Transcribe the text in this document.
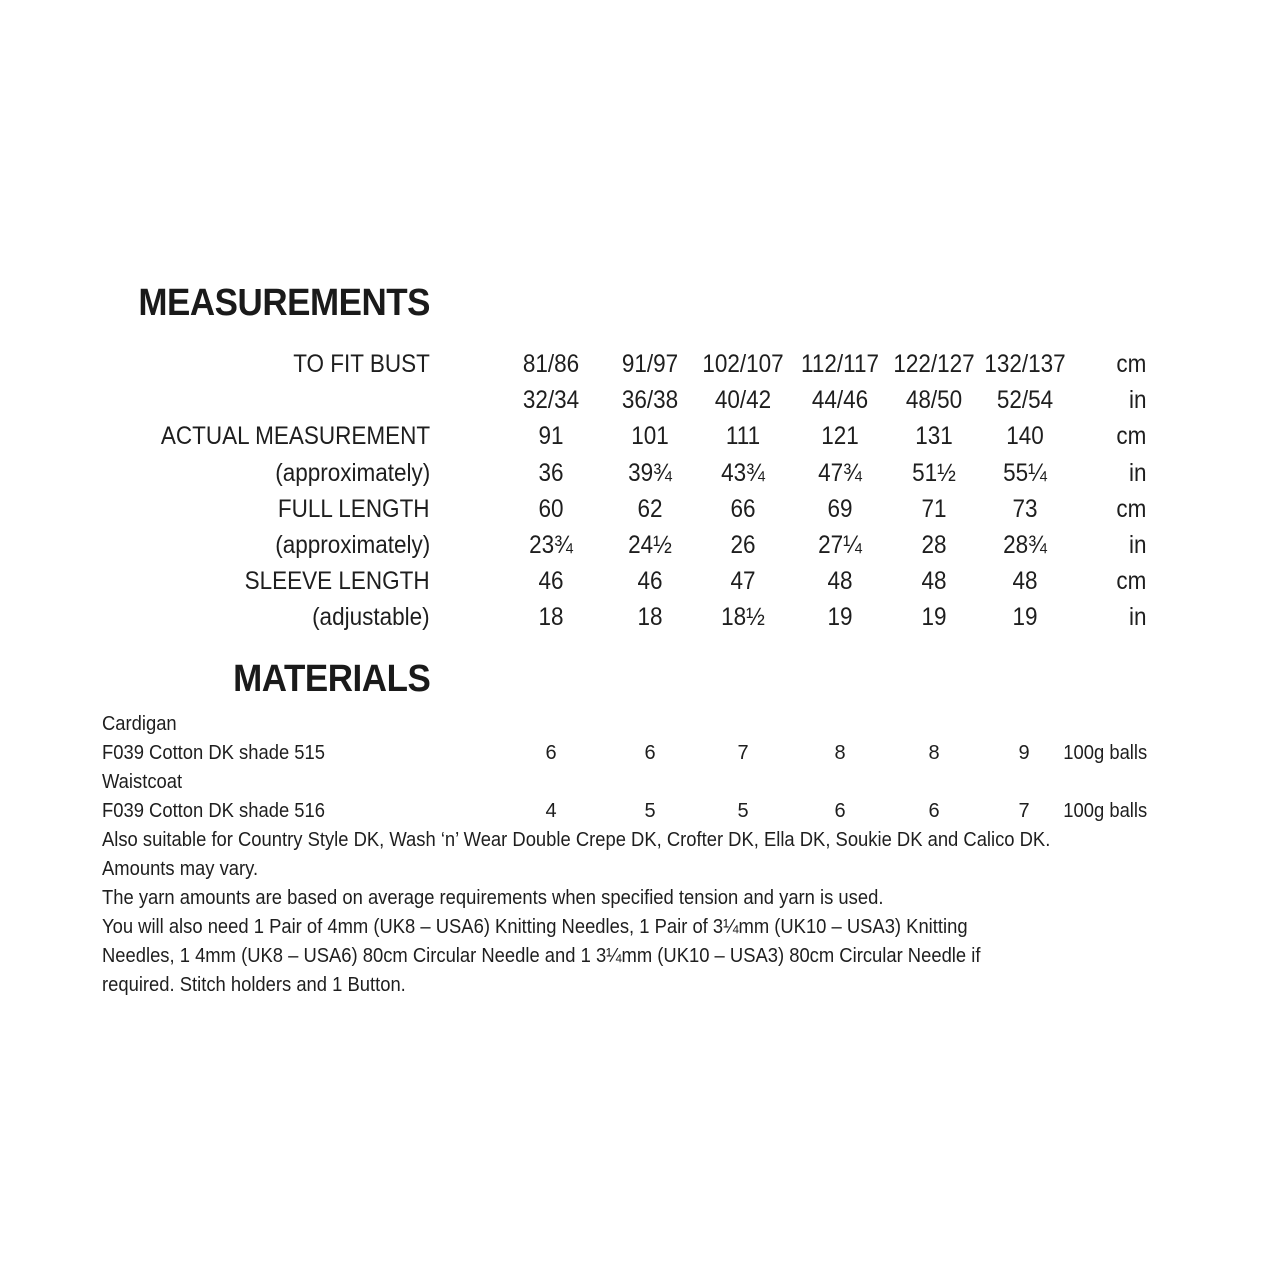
MEASUREMENTS
TO FIT BUST	81/86	91/97 102/107 112/117 122/127 132/137	cm
32/34	36/38	40/42	44/46	48/50	52/54	in
ACTUAL MEASUREMENT	91	101	111	121	131	140	cm
(approximately)	36	39¾	43¾	47¾	51½	55¼	in
FULL LENGTH	60	62	66	69	71	73	cm
(approximately)	23¾	24½	26	27¼	28	28¾	in
SLEEVE LENGTH	46	46	47	48	48	48	cm
(adjustable)	18	18	18½	19	19	19	in
MATERIALS
Cardigan
F039 Cotton DK shade 515	6	6	7	8	8	9	100g balls
Waistcoat
F039 Cotton DK shade 516	4	5	5	6	6	7	100g balls
Also suitable for Country Style DK, Wash ‘n’ Wear Double Crepe DK, Crofter DK, Ella DK, Soukie DK and Calico DK.
Amounts may vary.
The yarn amounts are based on average requirements when specified tension and yarn is used.
You will also need 1 Pair of 4mm (UK8 – USA6) Knitting Needles, 1 Pair of 3¼mm (UK10 – USA3) Knitting
Needles, 1 4mm (UK8 – USA6) 80cm Circular Needle and 1 3¼mm (UK10 – USA3) 80cm Circular Needle if
required. Stitch holders and 1 Button.
